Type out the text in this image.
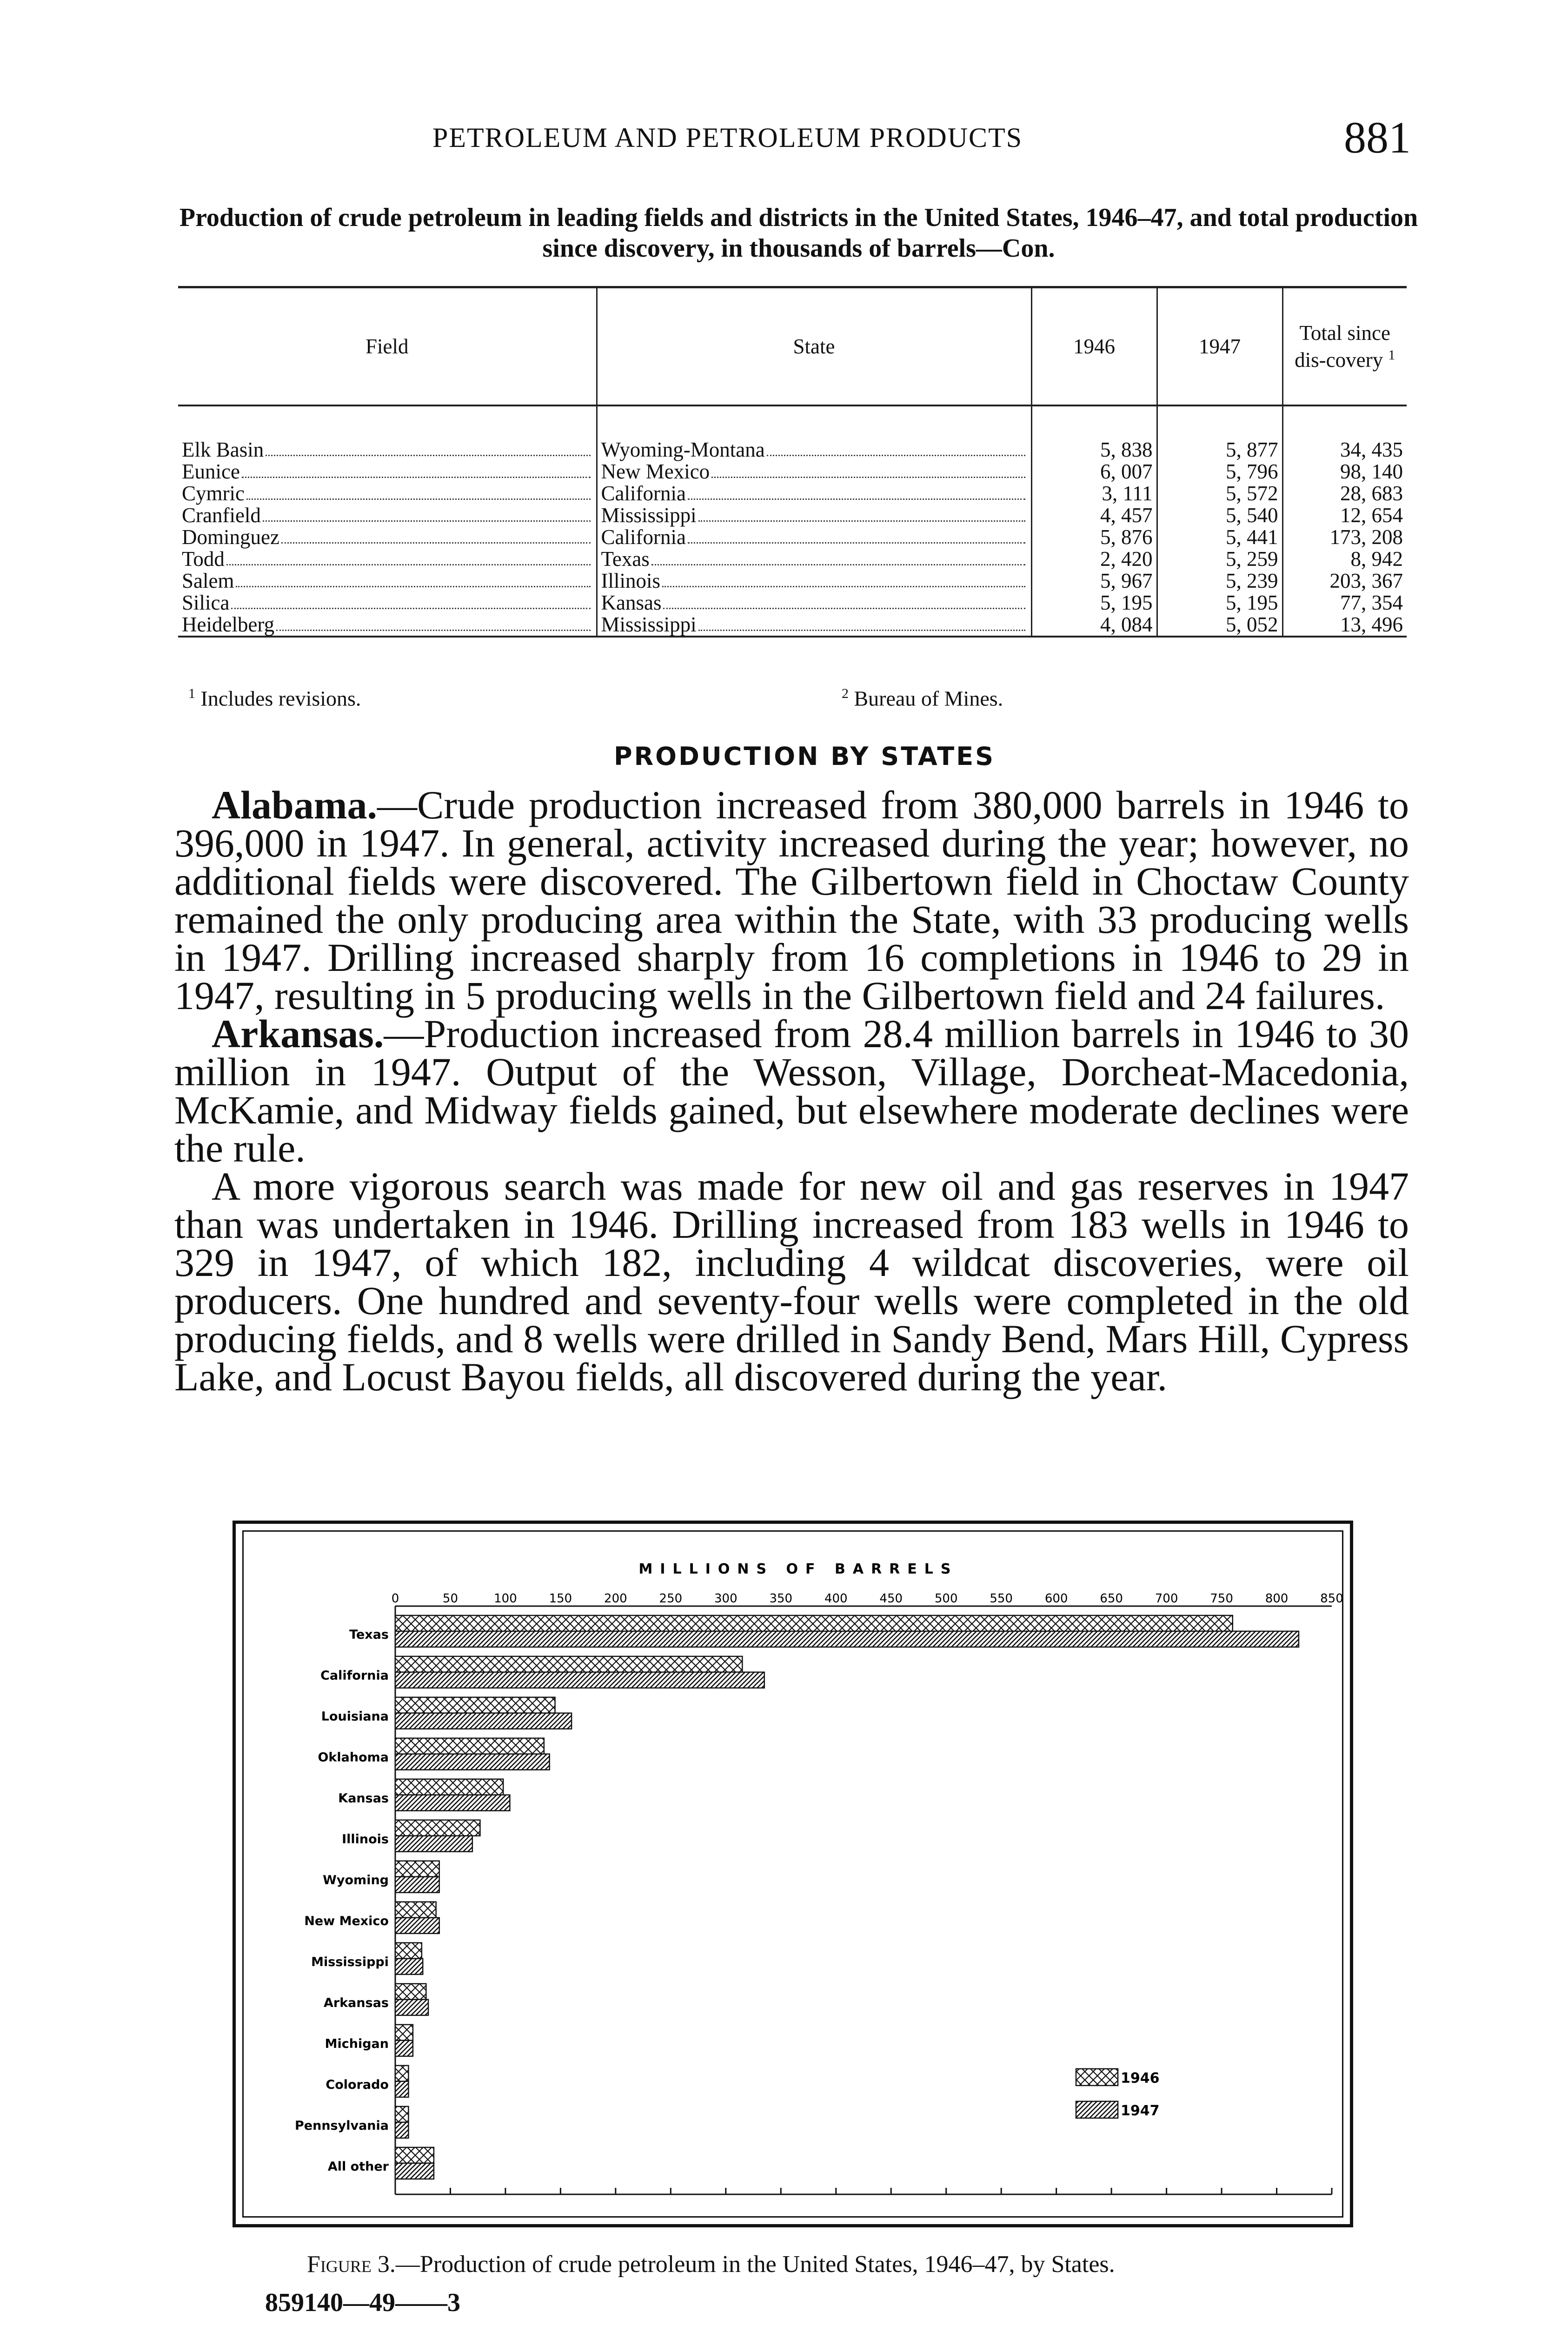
PETROLEUM AND PETROLEUM PRODUCTS	881
Production of crude petroleum in leading fields and districts in the United States, 1946–47, and total production since discovery, in thousands of barrels—Con.
Field	State	1946	1947	Total since dis-covery $^1$

Elk Basin	Wyoming-Montana	5, 838	5, 877	34, 435

Eunice	New Mexico	6, 007	5, 796	98, 140

Cymric	California	3, 111	5, 572	28, 683

Cranfield	Mississippi	4, 457	5, 540	12, 654

Dominguez	California	5, 876	5, 441	173, 208

Todd	Texas	2, 420	5, 259	8, 942

Salem	Illinois	5, 967	5, 239	203, 367

Silica	Kansas	5, 195	5, 195	77, 354

Heidelberg	Mississippi	4, 084	5, 052	13, 496
$^1$ Includes revisions.	$^2$ Bureau of Mines.
PRODUCTION BY STATES

Alabama.—Crude production increased from 380,000 barrels in 1946 to 396,000 in 1947. In general, activity increased during the year; however, no additional fields were discovered. The Gilbertown field in Choctaw County remained the only producing area within the State, with 33 producing wells in 1947. Drilling increased sharply from 16 completions in 1946 to 29 in 1947, resulting in 5 producing wells in the Gilbertown field and 24 failures.

Arkansas.—Production increased from 28.4 million barrels in 1946 to 30 million in 1947. Output of the Wesson, Village, Dorcheat-Macedonia, McKamie, and Midway fields gained, but elsewhere moderate declines were the rule.

A more vigorous search was made for new oil and gas reserves in 1947 than was undertaken in 1946. Drilling increased from 183 wells in 1946 to 329 in 1947, of which 182, including 4 wildcat discoveries, were oil producers. One hundred and seventy-four wells were completed in the old producing fields, and 8 wells were drilled in Sandy Bend, Mars Hill, Cypress Lake, and Locust Bayou fields, all discovered during the year.

MILLIONS OF BARRELS
0	50	100	150	200	250	300	350	400	450	500	550	600	650	700	750	800	850
Texas
California
Louisiana
Oklahoma
Kansas
Illinois
Wyoming
New Mexico
Mississippi
Arkansas
Michigan
Colorado
Pennsylvania
All other
1946
1947
Figure 3.—Production of crude petroleum in the United States, 1946–47, by States.
859140—49——3
